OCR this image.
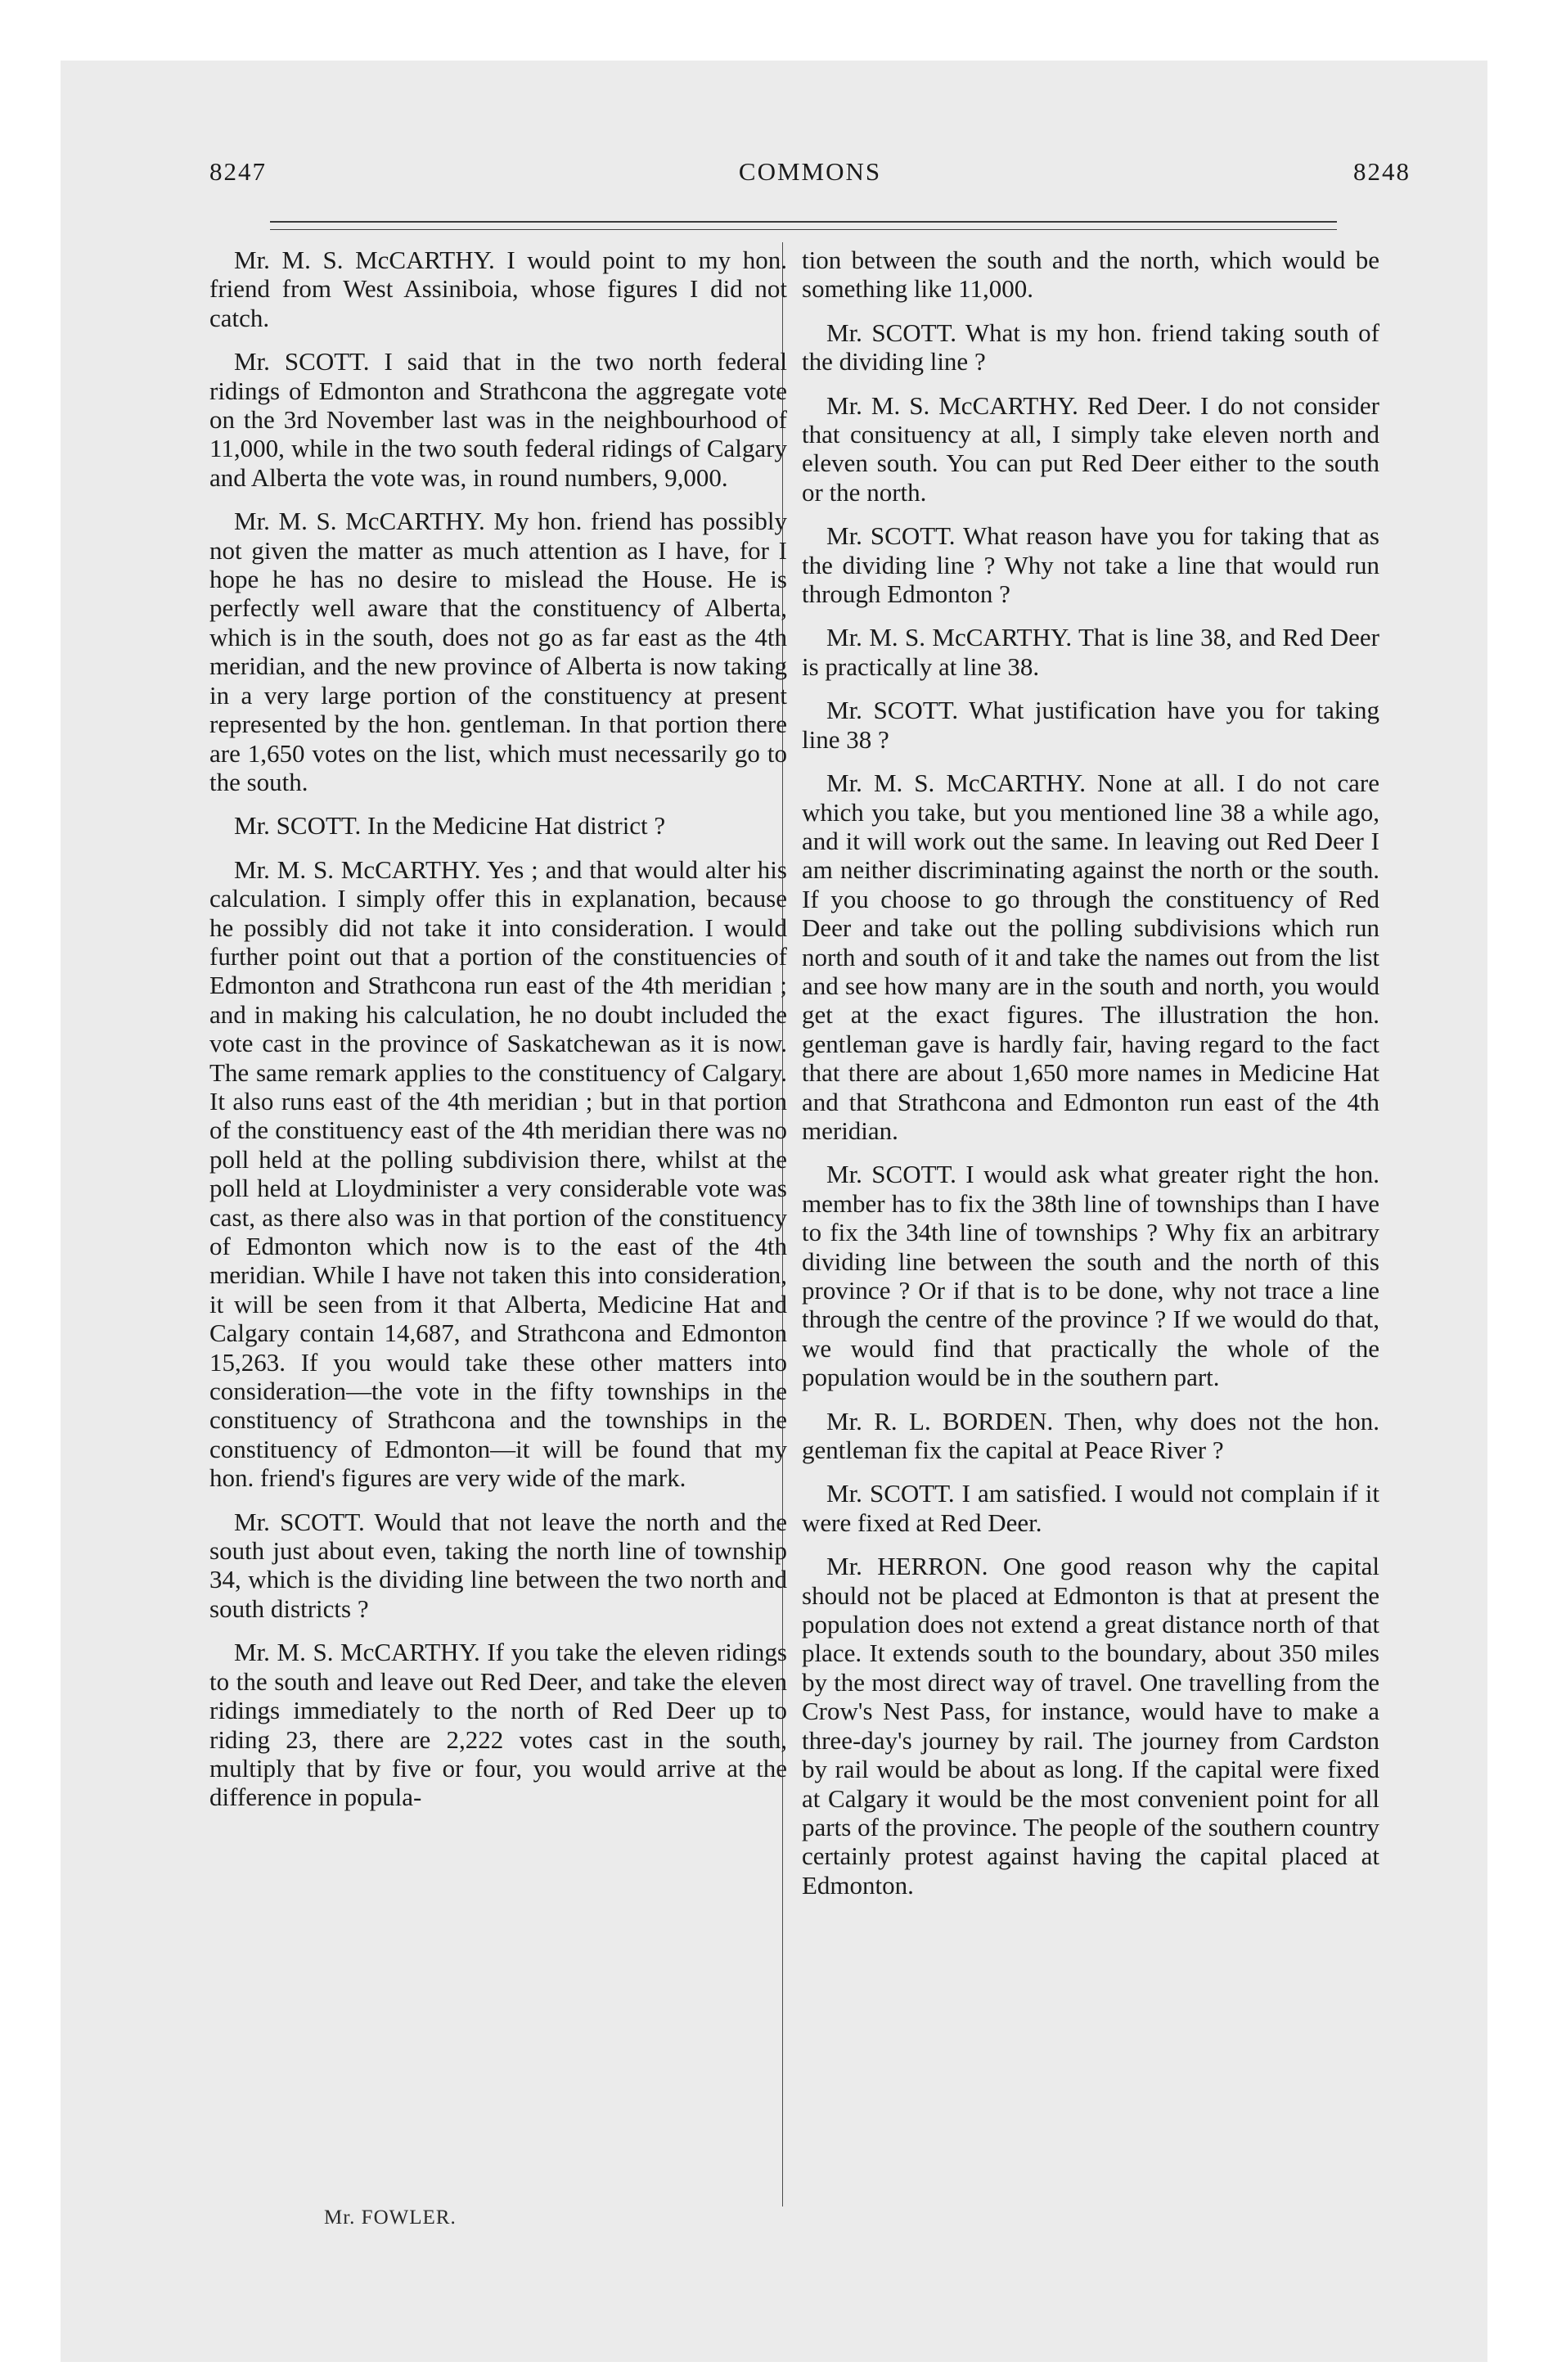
8247	COMMONS	8248

Mr. M. S. McCARTHY. I would point to my hon. friend from West Assiniboia, whose figures I did not catch.

Mr. SCOTT. I said that in the two north federal ridings of Edmonton and Strathcona the aggregate vote on the 3rd November last was in the neighbourhood of 11,000, while in the two south federal ridings of Calgary and Alberta the vote was, in round numbers, 9,000.

Mr. M. S. McCARTHY. My hon. friend has possibly not given the matter as much attention as I have, for I hope he has no desire to mislead the House. He is perfectly well aware that the constituency of Alberta, which is in the south, does not go as far east as the 4th meridian, and the new province of Alberta is now taking in a very large portion of the constituency at present represented by the hon. gentleman. In that portion there are 1,650 votes on the list, which must necessarily go to the south.

Mr. SCOTT. In the Medicine Hat district ?

Mr. M. S. McCARTHY. Yes ; and that would alter his calculation. I simply offer this in explanation, because he possibly did not take it into consideration. I would further point out that a portion of the constituencies of Edmonton and Strathcona run east of the 4th meridian ; and in making his calculation, he no doubt included the vote cast in the province of Saskatchewan as it is now. The same remark applies to the constituency of Calgary. It also runs east of the 4th meridian ; but in that portion of the constituency east of the 4th meridian there was no poll held at the polling subdivision there, whilst at the poll held at Lloydminister a very considerable vote was cast, as there also was in that portion of the constituency of Edmonton which now is to the east of the 4th meridian. While I have not taken this into consideration, it will be seen from it that Alberta, Medicine Hat and Calgary contain 14,687, and Strathcona and Edmonton 15,263. If you would take these other matters into consideration—the vote in the fifty townships in the constituency of Strathcona and the townships in the constituency of Edmonton—it will be found that my hon. friend's figures are very wide of the mark.

Mr. SCOTT. Would that not leave the north and the south just about even, taking the north line of township 34, which is the dividing line between the two north and south districts ?

Mr. M. S. McCARTHY. If you take the eleven ridings to the south and leave out Red Deer, and take the eleven ridings immediately to the north of Red Deer up to riding 23, there are 2,222 votes cast in the south, multiply that by five or four, you would arrive at the difference in popula-

tion between the south and the north, which would be something like 11,000.

Mr. SCOTT. What is my hon. friend taking south of the dividing line ?

Mr. M. S. McCARTHY. Red Deer. I do not consider that consituency at all, I simply take eleven north and eleven south. You can put Red Deer either to the south or the north.

Mr. SCOTT. What reason have you for taking that as the dividing line ? Why not take a line that would run through Edmonton ?

Mr. M. S. McCARTHY. That is line 38, and Red Deer is practically at line 38.

Mr. SCOTT. What justification have you for taking line 38 ?

Mr. M. S. McCARTHY. None at all. I do not care which you take, but you mentioned line 38 a while ago, and it will work out the same. In leaving out Red Deer I am neither discriminating against the north or the south. If you choose to go through the constituency of Red Deer and take out the polling subdivisions which run north and south of it and take the names out from the list and see how many are in the south and north, you would get at the exact figures. The illustration the hon. gentleman gave is hardly fair, having regard to the fact that there are about 1,650 more names in Medicine Hat and that Strathcona and Edmonton run east of the 4th meridian.

Mr. SCOTT. I would ask what greater right the hon. member has to fix the 38th line of townships than I have to fix the 34th line of townships ? Why fix an arbitrary dividing line between the south and the north of this province ? Or if that is to be done, why not trace a line through the centre of the province ? If we would do that, we would find that practically the whole of the population would be in the southern part.

Mr. R. L. BORDEN. Then, why does not the hon. gentleman fix the capital at Peace River ?

Mr. SCOTT. I am satisfied. I would not complain if it were fixed at Red Deer.

Mr. HERRON. One good reason why the capital should not be placed at Edmonton is that at present the population does not extend a great distance north of that place. It extends south to the boundary, about 350 miles by the most direct way of travel. One travelling from the Crow's Nest Pass, for instance, would have to make a three-day's journey by rail. The journey from Cardston by rail would be about as long. If the capital were fixed at Calgary it would be the most convenient point for all parts of the province. The people of the southern country certainly protest against having the capital placed at Edmonton.

Mr. FOWLER.
